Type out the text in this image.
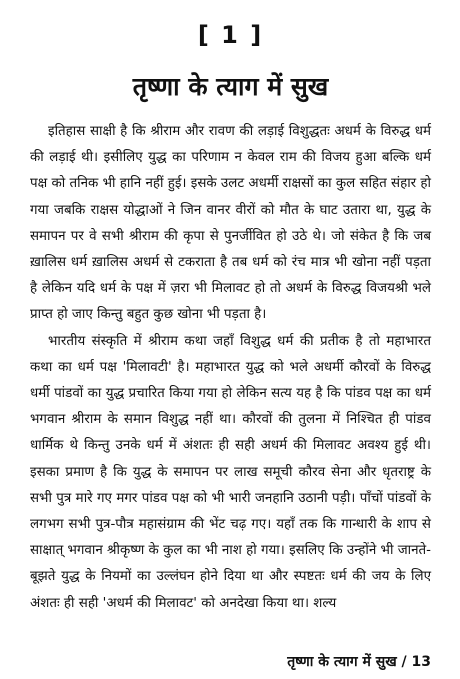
[ 1 ]
तृष्णा के त्याग में सुख

इतिहास साक्षी है कि श्रीराम और रावण की लड़ाई विशुद्धतः अधर्म के विरुद्ध धर्म की लड़ाई थी। इसीलिए युद्ध का परिणाम न केवल राम की विजय हुआ बल्कि धर्म पक्ष को तनिक भी हानि नहीं हुई। इसके उलट अधर्मी राक्षसों का कुल सहित संहार हो गया जबकि राक्षस योद्धाओं ने जिन वानर वीरों को मौत के घाट उतारा था, युद्ध के समापन पर वे सभी श्रीराम की कृपा से पुनर्जीवित हो उठे थे। जो संकेत है कि जब ख़ालिस धर्म ख़ालिस अधर्म से टकराता है तब धर्म को रंच मात्र भी खोना नहीं पड़ता है लेकिन यदि धर्म के पक्ष में ज़रा भी मिलावट हो तो अधर्म के विरुद्ध विजयश्री भले प्राप्त हो जाए किन्तु बहुत कुछ खोना भी पड़ता है।

भारतीय संस्कृति में श्रीराम कथा जहाँ विशुद्ध धर्म की प्रतीक है तो महाभारत कथा का धर्म पक्ष 'मिलावटी' है। महाभारत युद्ध को भले अधर्मी कौरवों के विरुद्ध धर्मी पांडवों का युद्ध प्रचारित किया गया हो लेकिन सत्य यह है कि पांडव पक्ष का धर्म भगवान श्रीराम के समान विशुद्ध नहीं था। कौरवों की तुलना में निश्चित ही पांडव धार्मिक थे किन्तु उनके धर्म में अंशतः ही सही अधर्म की मिलावट अवश्य हुई थी। इसका प्रमाण है कि युद्ध के समापन पर लाख समूची कौरव सेना और धृतराष्ट्र के सभी पुत्र मारे गए मगर पांडव पक्ष को भी भारी जनहानि उठानी पड़ी। पाँचों पांडवों के लगभग सभी पुत्र-पौत्र महासंग्राम की भेंट चढ़ गए। यहाँ तक कि गान्धारी के शाप से साक्षात् भगवान श्रीकृष्ण के कुल का भी नाश हो गया। इसलिए कि उन्होंने भी जानते-बूझते युद्ध के नियमों का उल्लंघन होने दिया था और स्पष्टतः धर्म की जय के लिए अंशतः ही सही 'अधर्म की मिलावट' को अनदेखा किया था। शल्य

तृष्णा के त्याग में सुख / 13
